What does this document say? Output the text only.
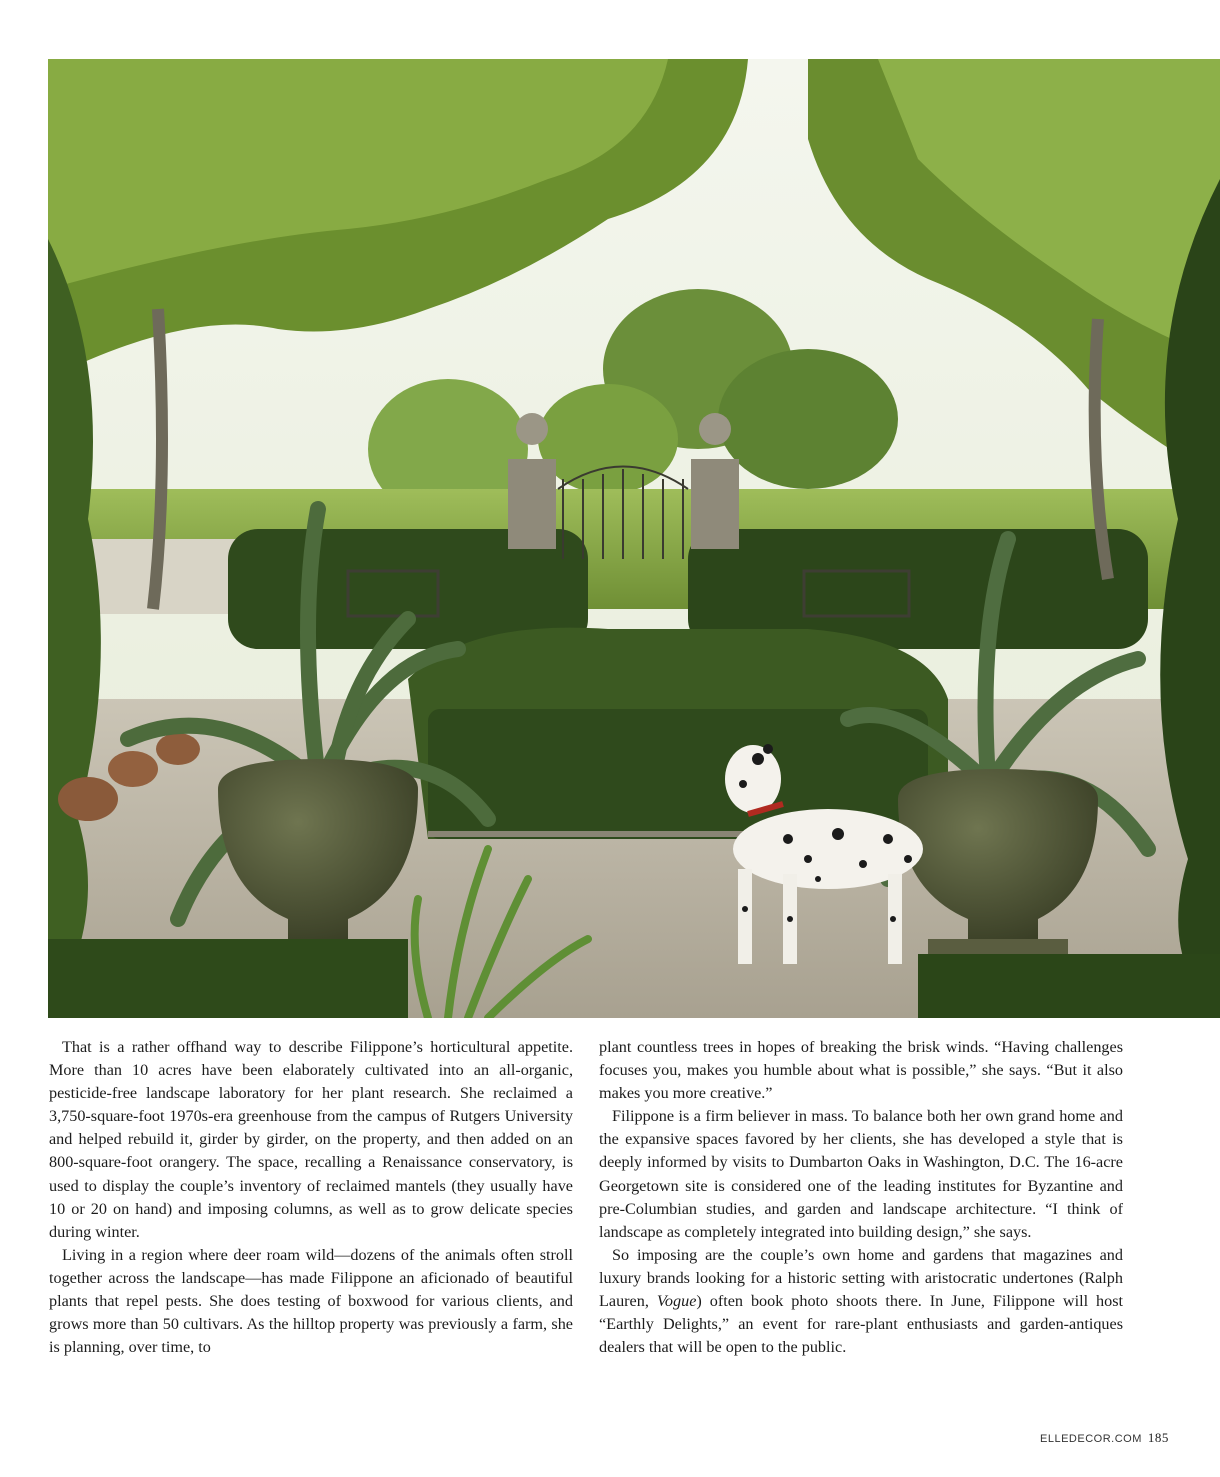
That is a rather offhand way to describe Filippone’s horticultural appetite. More than 10 acres have been elaborately cultivated into an all-organic, pesticide-free landscape laboratory for her plant research. She reclaimed a 3,750-square-foot 1970s-era greenhouse from the campus of Rutgers University and helped rebuild it, girder by girder, on the property, and then added on an 800-square-foot orangery. The space, recalling a Renaissance conservatory, is used to display the couple’s inventory of reclaimed mantels (they usually have 10 or 20 on hand) and imposing columns, as well as to grow delicate species during winter.

Living in a region where deer roam wild—dozens of the animals often stroll together across the landscape—has made Filippone an aficionado of beautiful plants that repel pests. She does testing of boxwood for various clients, and grows more than 50 cultivars. As the hilltop property was previously a farm, she is planning, over time, to

plant countless trees in hopes of breaking the brisk winds. “Having challenges focuses you, makes you humble about what is possible,” she says. “But it also makes you more creative.”

Filippone is a firm believer in mass. To balance both her own grand home and the expansive spaces favored by her clients, she has developed a style that is deeply informed by visits to Dumbarton Oaks in Washington, D.C. The 16-acre Georgetown site is considered one of the leading institutes for Byzantine and pre-Columbian studies, and garden and landscape architecture. “I think of landscape as completely integrated into building design,” she says.

So imposing are the couple’s own home and gardens that magazines and luxury brands looking for a historic setting with aristocratic undertones (Ralph Lauren, Vogue) often book photo shoots there. In June, Filippone will host “Earthly Delights,” an event for rare-plant enthusiasts and garden-antiques dealers that will be open to the public.

ELLEDECOR.COM 185
